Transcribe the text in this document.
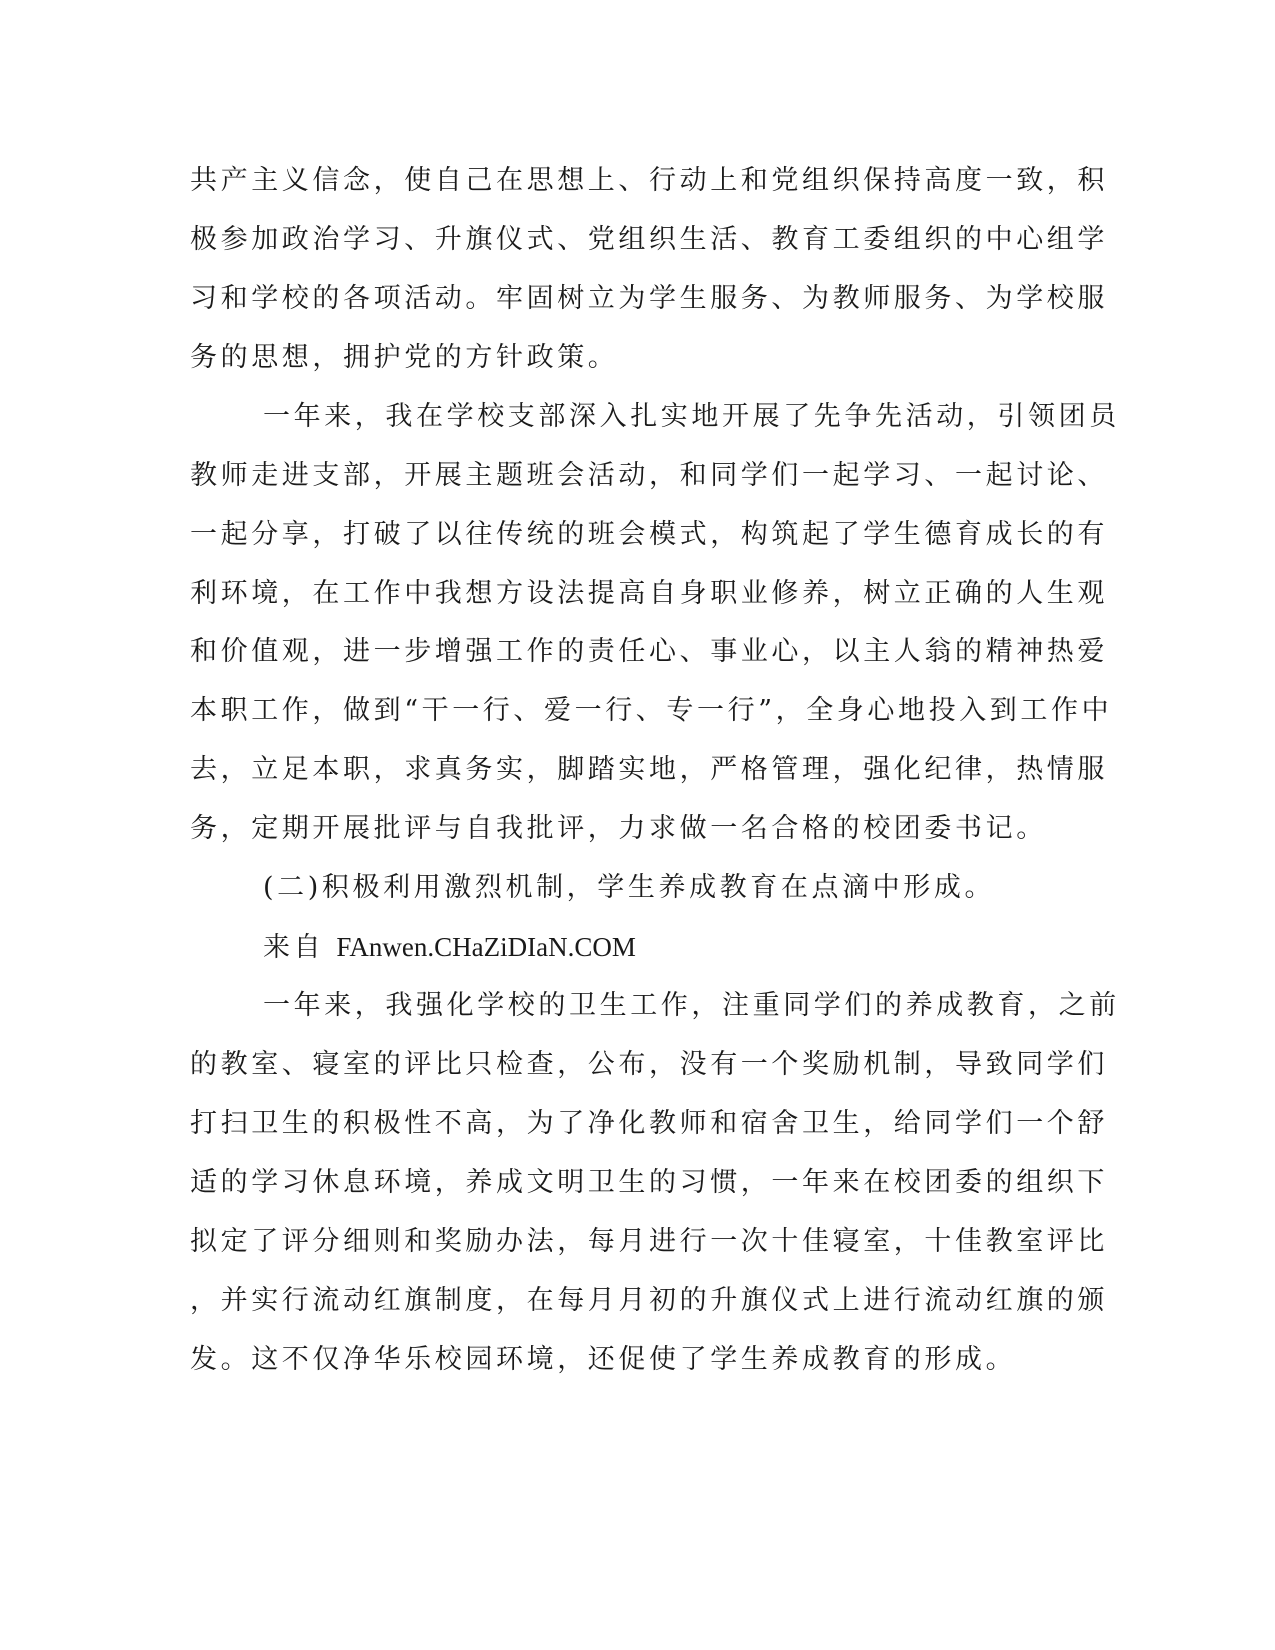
共产主义信念，使自己在思想上、行动上和党组织保持高度一致，积
极参加政治学习、升旗仪式、党组织生活、教育工委组织的中心组学
习和学校的各项活动。牢固树立为学生服务、为教师服务、为学校服
务的思想，拥护党的方针政策。
一年来，我在学校支部深入扎实地开展了先争先活动，引领团员
教师走进支部，开展主题班会活动，和同学们一起学习、一起讨论、
一起分享，打破了以往传统的班会模式，构筑起了学生德育成长的有
利环境，在工作中我想方设法提高自身职业修养，树立正确的人生观
和价值观，进一步增强工作的责任心、事业心，以主人翁的精神热爱
本职工作，做到“干一行、爱一行、专一行”，全身心地投入到工作中
去，立足本职，求真务实，脚踏实地，严格管理，强化纪律，热情服
务，定期开展批评与自我批评，力求做一名合格的校团委书记。
(二)积极利用激烈机制，学生养成教育在点滴中形成。
来自 FAnwen.CHaZiDIaN.COM
一年来，我强化学校的卫生工作，注重同学们的养成教育，之前
的教室、寝室的评比只检查，公布，没有一个奖励机制，导致同学们
打扫卫生的积极性不高，为了净化教师和宿舍卫生，给同学们一个舒
适的学习休息环境，养成文明卫生的习惯，一年来在校团委的组织下
拟定了评分细则和奖励办法，每月进行一次十佳寝室，十佳教室评比
，并实行流动红旗制度，在每月月初的升旗仪式上进行流动红旗的颁
发。这不仅净华乐校园环境，还促使了学生养成教育的形成。
